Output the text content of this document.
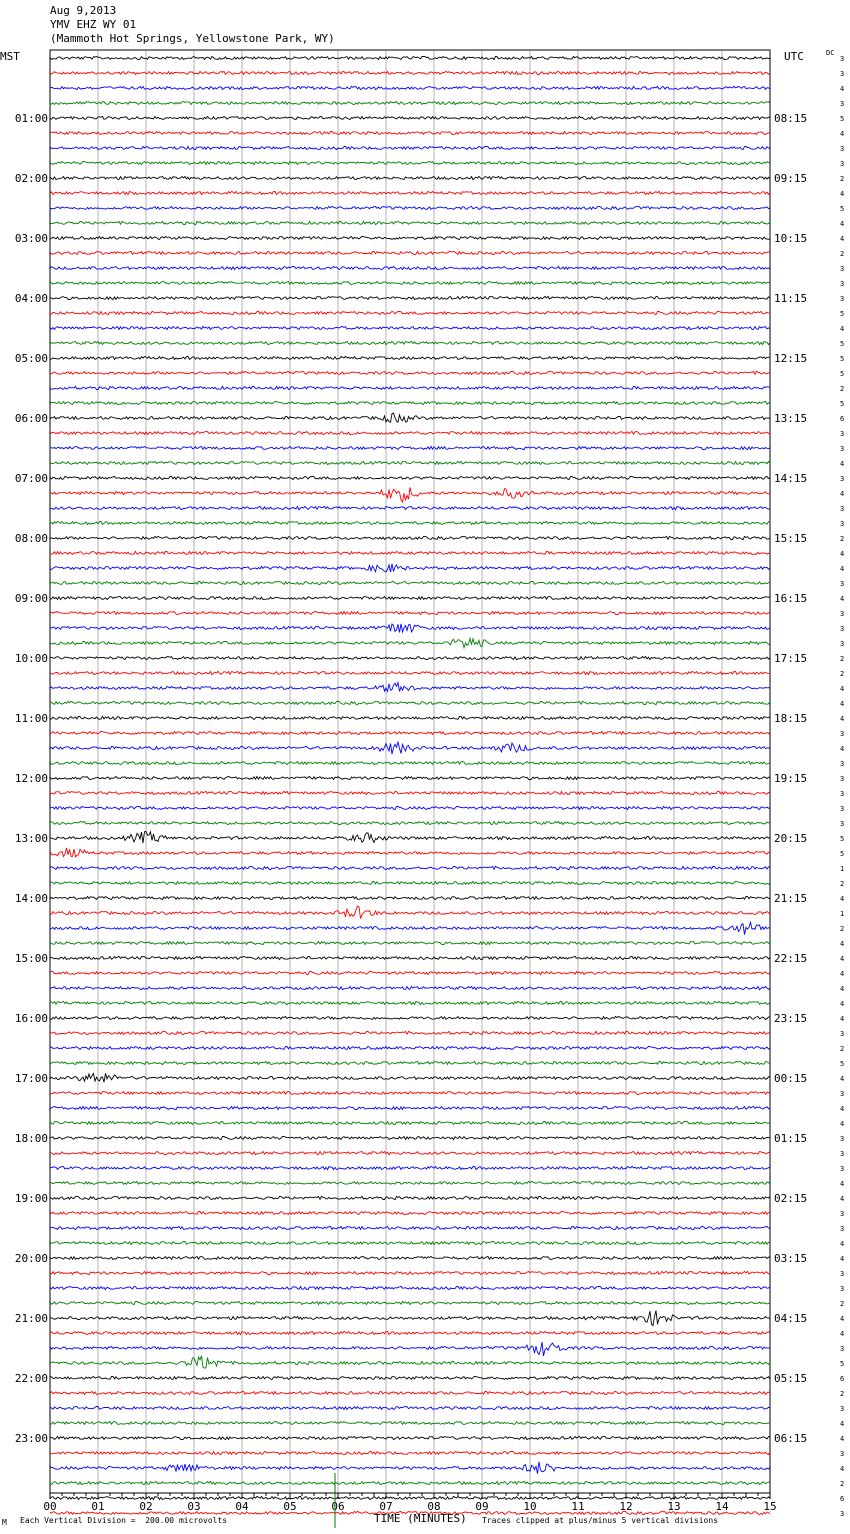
Aug 9,2013
YMV EHZ WY 01
(Mammoth Hot Springs, Yellowstone Park, WY)
MST	UTC	DC
00	01	02	03	04	05	06	07	08	09	10	11	12	13	14	15
3
3
4
3
5
4
3
3
2
4
5
4
4
2
3
3
3
5
4
5
5
5
2
5
6
3
3
4
3
4
3
3
2
4
4
3
4
3
3
3
2
2
4
4
4
3
4
3
3
3
3
3
5
5
1
2
4
1
2
4
4
4
4
4
4
3
2
5
4
3
4
4
3
3
3
4
4
3
3
4
4
3
3
2
4
4
3
5
6
2
3
4
4
3
4
2
6
3
01:00	08:15
02:00	09:15
03:00	10:15
04:00	11:15
05:00	12:15
06:00	13:15
07:00	14:15
08:00	15:15
09:00	16:15
10:00	17:15
11:00	18:15
12:00	19:15
13:00	20:15
14:00	21:15
15:00	22:15
16:00	23:15
17:00	00:15
18:00	01:15
19:00	02:15
20:00	03:15
21:00	04:15
22:00	05:15
23:00	06:15
M Each Vertical Division =  200.00 microvolts	TIME (MINUTES) Traces clipped at plus/minus 5 vertical divisions
